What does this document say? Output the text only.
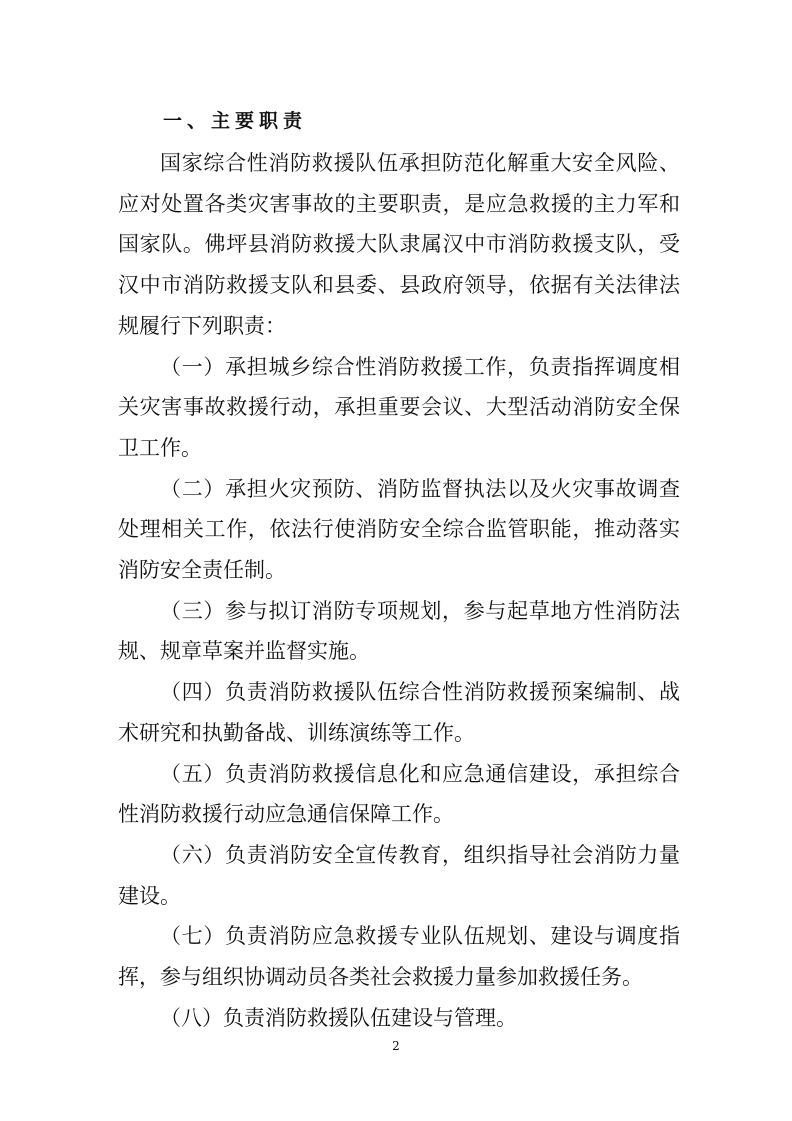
一、主要职责

国家综合性消防救援队伍承担防范化解重大安全风险、应对处置各类灾害事故的主要职责，是应急救援的主力军和国家队。佛坪县消防救援大队隶属汉中市消防救援支队，受汉中市消防救援支队和县委、县政府领导，依据有关法律法规履行下列职责：

（一）承担城乡综合性消防救援工作，负责指挥调度相关灾害事故救援行动，承担重要会议、大型活动消防安全保卫工作。

（二）承担火灾预防、消防监督执法以及火灾事故调查处理相关工作，依法行使消防安全综合监管职能，推动落实消防安全责任制。

（三）参与拟订消防专项规划，参与起草地方性消防法规、规章草案并监督实施。

（四）负责消防救援队伍综合性消防救援预案编制、战术研究和执勤备战、训练演练等工作。

（五）负责消防救援信息化和应急通信建设，承担综合性消防救援行动应急通信保障工作。

（六）负责消防安全宣传教育，组织指导社会消防力量建设。

（七）负责消防应急救援专业队伍规划、建设与调度指挥，参与组织协调动员各类社会救援力量参加救援任务。

（八）负责消防救援队伍建设与管理。

2
